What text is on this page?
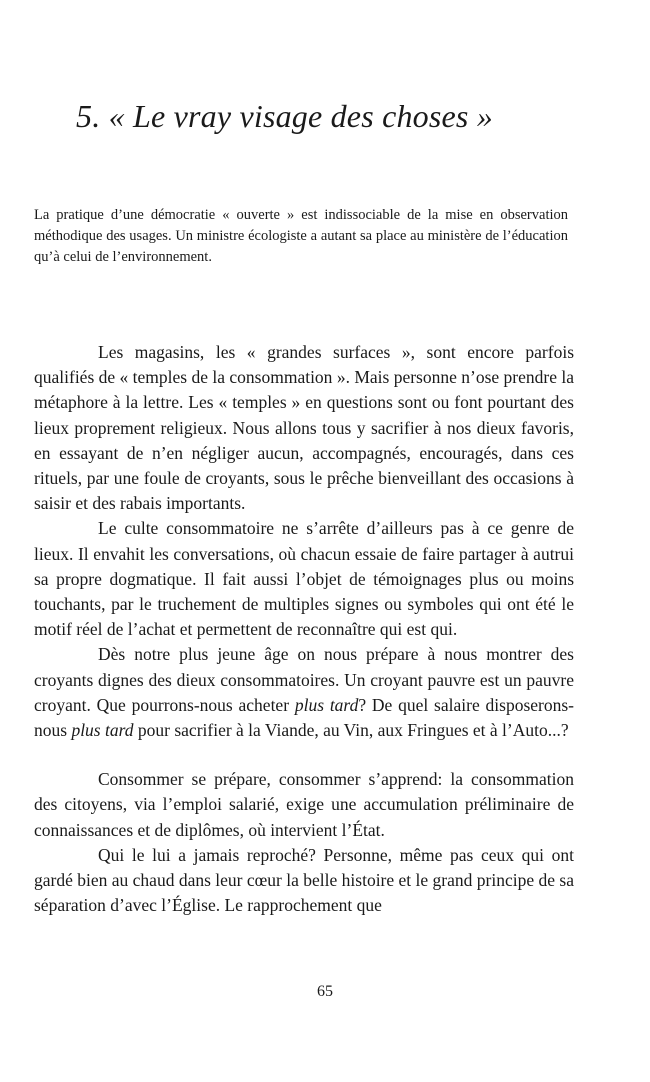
5. « Le vray visage des choses »

La pratique d’une démocratie « ouverte » est indissociable de la mise en observation méthodique des usages. Un ministre écologiste a autant sa place au ministère de l’éducation qu’à celui de l’environnement.

Les magasins, les « grandes surfaces », sont encore parfois qualifiés de « temples de la consommation ». Mais personne n’ose prendre la métaphore à la lettre. Les « temples » en questions sont ou font pourtant des lieux proprement religieux. Nous allons tous y sacrifier à nos dieux favoris, en essayant de n’en négliger aucun, accompagnés, encouragés, dans ces rituels, par une foule de croyants, sous le prêche bienveillant des occasions à saisir et des rabais importants.

Le culte consommatoire ne s’arrête d’ailleurs pas à ce genre de lieux. Il envahit les conversations, où chacun essaie de faire partager à autrui sa propre dogmatique. Il fait aussi l’objet de témoignages plus ou moins touchants, par le truchement de multiples signes ou symboles qui ont été le motif réel de l’achat et permettent de reconnaître qui est qui.

Dès notre plus jeune âge on nous prépare à nous montrer des croyants dignes des dieux consommatoires. Un croyant pauvre est un pauvre croyant. Que pourrons-nous acheter plus tard? De quel salaire disposerons-nous plus tard pour sacrifier à la Viande, au Vin, aux Fringues et à l’Auto...?

Consommer se prépare, consommer s’apprend: la consommation des citoyens, via l’emploi salarié, exige une accumulation préliminaire de connaissances et de diplômes, où intervient l’État.

Qui le lui a jamais reproché? Personne, même pas ceux qui ont gardé bien au chaud dans leur cœur la belle histoire et le grand principe de sa séparation d’avec l’Église. Le rapprochement que

65
